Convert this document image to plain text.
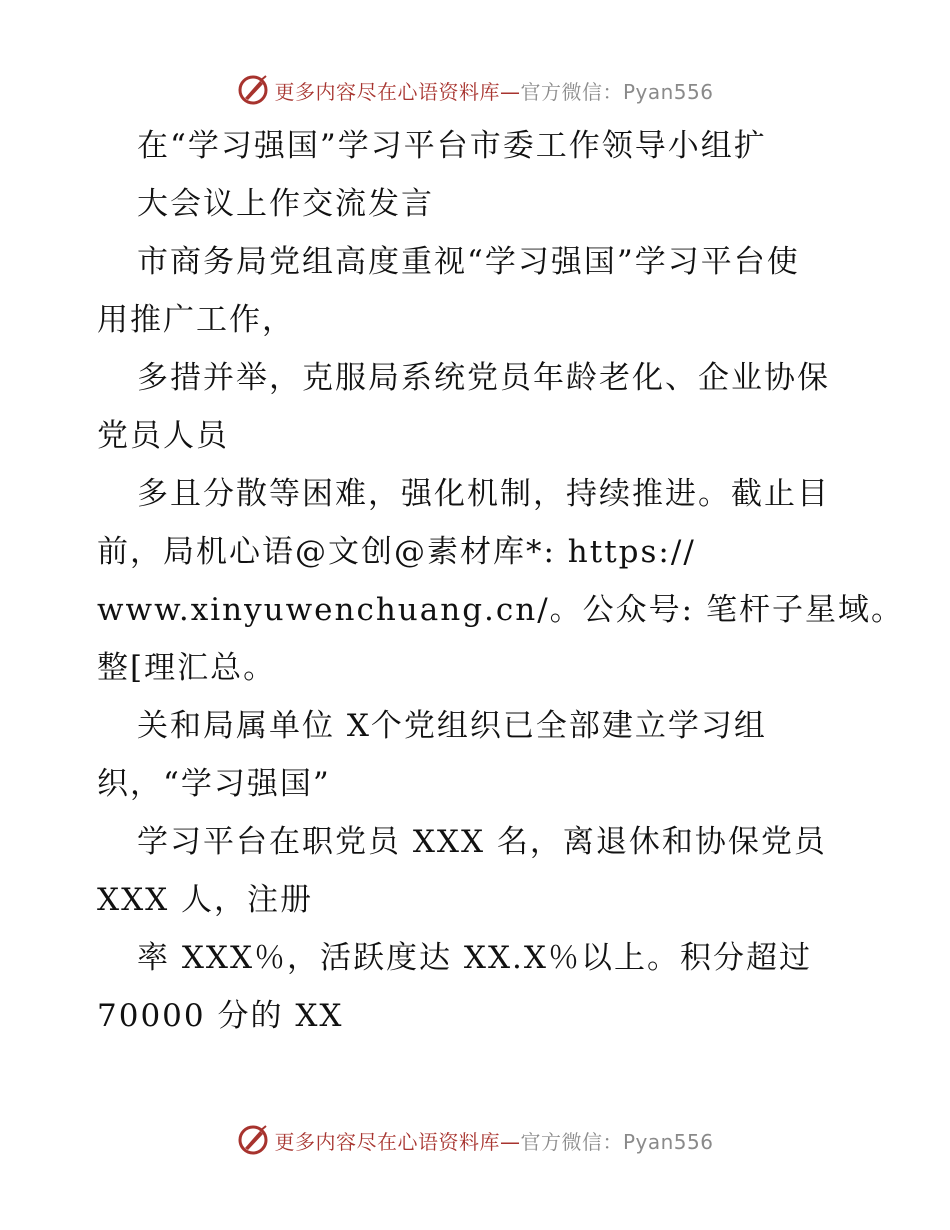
更多内容尽在心语资料库—官方微信：Pyan556
在“学习强国”学习平台市委工作领导小组扩
大会议上作交流发言
市商务局党组高度重视“学习强国”学习平台使
用推广工作，
多措并举，克服局系统党员年龄老化、企业协保
党员人员
多且分散等困难，强化机制，持续推进。截止目
前，局机心语@文创@素材库*: https://
www.xinyuwenchuang.cn/。公众号: 笔杆子星域。
整[理汇总。
关和局属单位 X个党组织已全部建立学习组
织，“学习强国”
学习平台在职党员 XXX 名，离退休和协保党员
XXX 人，注册
率 XXX％，活跃度达 XX.X％以上。积分超过
70000 分的 XX
更多内容尽在心语资料库—官方微信：Pyan556
